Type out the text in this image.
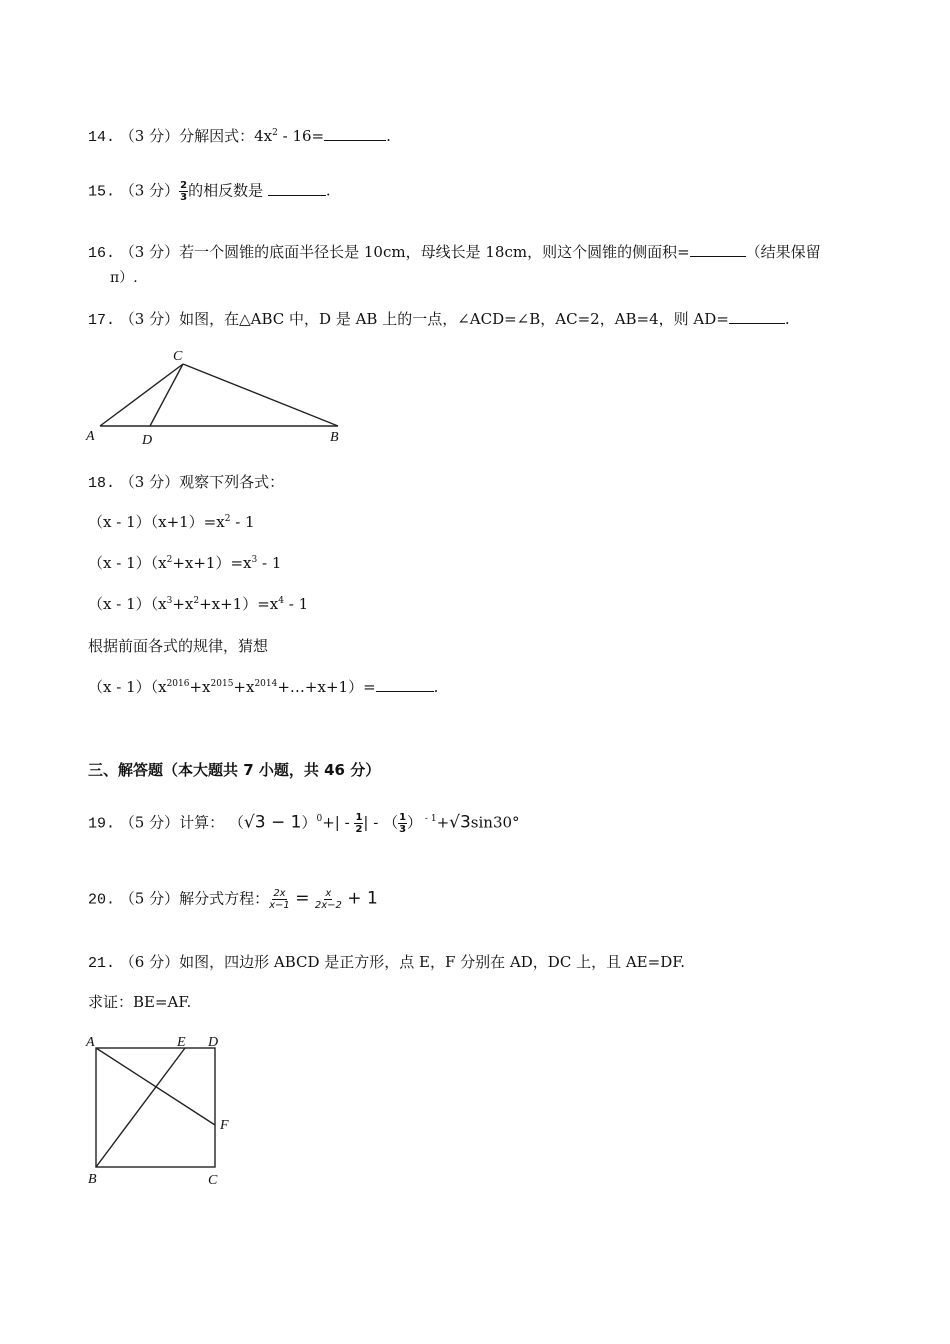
14. （3 分）分解因式：$4x^2 - 16=$	.
15. （3 分） $\frac{2}{3}$ 的相反数是	.
16. （3 分）若一个圆锥的底面半径长是 10cm，母线长是 18cm，则这个圆锥的侧面积=	（结果保留
π）.
17. （3 分）如图，在△ABC 中，D 是 AB 上的一点，∠ACD=∠B，AC=2，AB=4，则 AD=	.
C
A	D	B
18. （3 分）观察下列各式：
$(x - 1)(x+1)=x^2 - 1$
$(x - 1)(x^2+x+1)=x^3 - 1$
$(x - 1)(x^3+x^2+x+1)=x^4 - 1$
根据前面各式的规律，猜想
$(x - 1)(x^{2016}+x^{2015}+x^{2014}+\dots+x+1)=$	.
三、解答题（本大题共 7 小题，共 46 分）
19. （5 分）计算： $(√3 - 1)^0+| - \frac{1}{2}$ | - （ $\frac{1}{3}$ ） $^{- 1}$+√3sin30°
20. （5 分）解分式方程： $\frac{2x}{x-1} = \frac{x}{2x-2} + 1$
21. （6 分）如图，四边形 ABCD 是正方形，点 E，F 分别在 AD，DC 上，且 AE=DF.
求证：BE=AF.
A	E D
F
B	C
